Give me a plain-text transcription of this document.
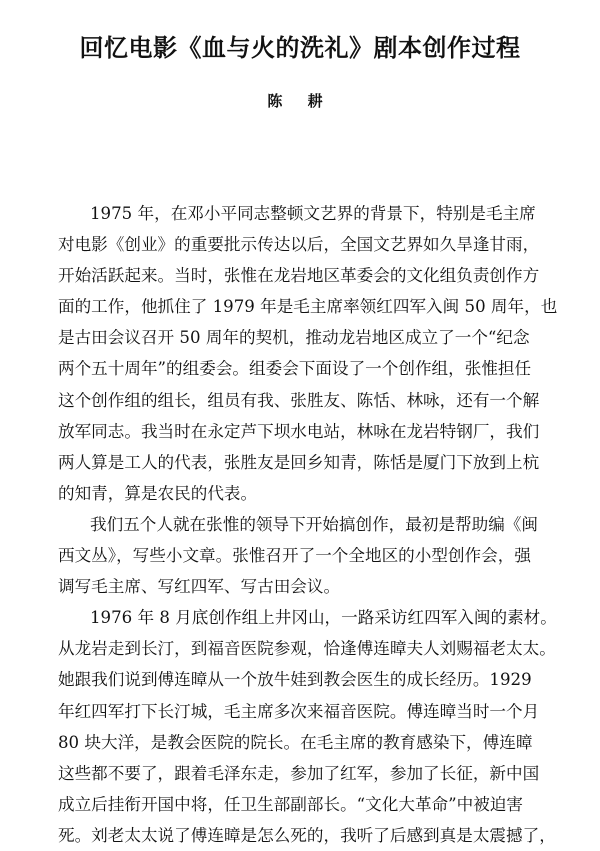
回忆电影《血与火的洗礼》剧本创作过程
陈 耕
1975 年，在邓小平同志整顿文艺界的背景下，特别是毛主席
对电影《创业》的重要批示传达以后，全国文艺界如久旱逢甘雨，
开始活跃起来。当时，张惟在龙岩地区革委会的文化组负责创作方
面的工作，他抓住了 1979 年是毛主席率领红四军入闽 50 周年，也
是古田会议召开 50 周年的契机，推动龙岩地区成立了一个“纪念
两个五十周年”的组委会。组委会下面设了一个创作组，张惟担任
这个创作组的组长，组员有我、张胜友、陈恬、林咏，还有一个解
放军同志。我当时在永定芦下坝水电站，林咏在龙岩特钢厂，我们
两人算是工人的代表，张胜友是回乡知青，陈恬是厦门下放到上杭
的知青，算是农民的代表。
我们五个人就在张惟的领导下开始搞创作，最初是帮助编《闽
西文丛》，写些小文章。张惟召开了一个全地区的小型创作会，强
调写毛主席、写红四军、写古田会议。
1976 年 8 月底创作组上井冈山，一路采访红四军入闽的素材。
从龙岩走到长汀，到福音医院参观，恰逢傅连暲夫人刘赐福老太太。
她跟我们说到傅连暲从一个放牛娃到教会医生的成长经历。1929
年红四军打下长汀城，毛主席多次来福音医院。傅连暲当时一个月
80 块大洋，是教会医院的院长。在毛主席的教育感染下，傅连暲
这些都不要了，跟着毛泽东走，参加了红军，参加了长征，新中国
成立后挂衔开国中将，任卫生部副部长。“文化大革命”中被迫害
死。刘老太太说了傅连暲是怎么死的，我听了后感到真是太震撼了，
